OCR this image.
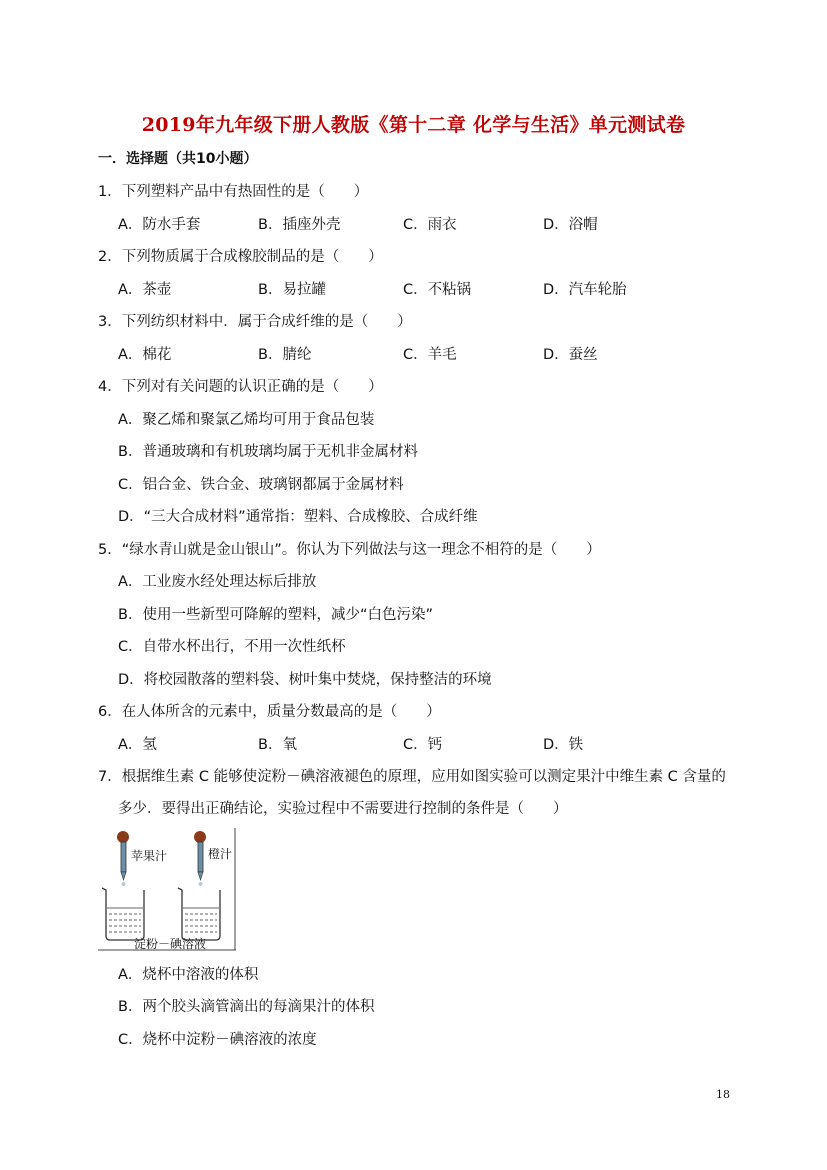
2019年九年级下册人教版《第十二章 化学与生活》单元测试卷
一．选择题（共10小题）
1．下列塑料产品中有热固性的是（　　）
A．防水手套	B．插座外壳	C．雨衣	D．浴帽
2．下列物质属于合成橡胶制品的是（　　）
A．茶壶	B．易拉罐	C．不粘锅	D．汽车轮胎
3．下列纺织材料中．属于合成纤维的是（　　）
A．棉花	B．腈纶	C．羊毛	D．蚕丝
4．下列对有关问题的认识正确的是（　　）
A．聚乙烯和聚氯乙烯均可用于食品包装
B．普通玻璃和有机玻璃均属于无机非金属材料
C．铝合金、铁合金、玻璃钢都属于金属材料
D．“三大合成材料”通常指：塑料、合成橡胶、合成纤维
5．“绿水青山就是金山银山”。你认为下列做法与这一理念不相符的是（　　）
A．工业废水经处理达标后排放
B．使用一些新型可降解的塑料，减少“白色污染”
C．自带水杯出行，不用一次性纸杯
D．将校园散落的塑料袋、树叶集中焚烧，保持整洁的环境
6．在人体所含的元素中，质量分数最高的是（　　）
A．氢	B．氧	C．钙	D．铁
7．根据维生素 C 能够使淀粉－碘溶液褪色的原理，应用如图实验可以测定果汁中维生素 C 含量的
多少．要得出正确结论，实验过程中不需要进行控制的条件是（　　）
苹果汁	橙汁
淀粉－碘溶液
A．烧杯中溶液的体积
B．两个胶头滴管滴出的每滴果汁的体积
C．烧杯中淀粉－碘溶液的浓度
18
